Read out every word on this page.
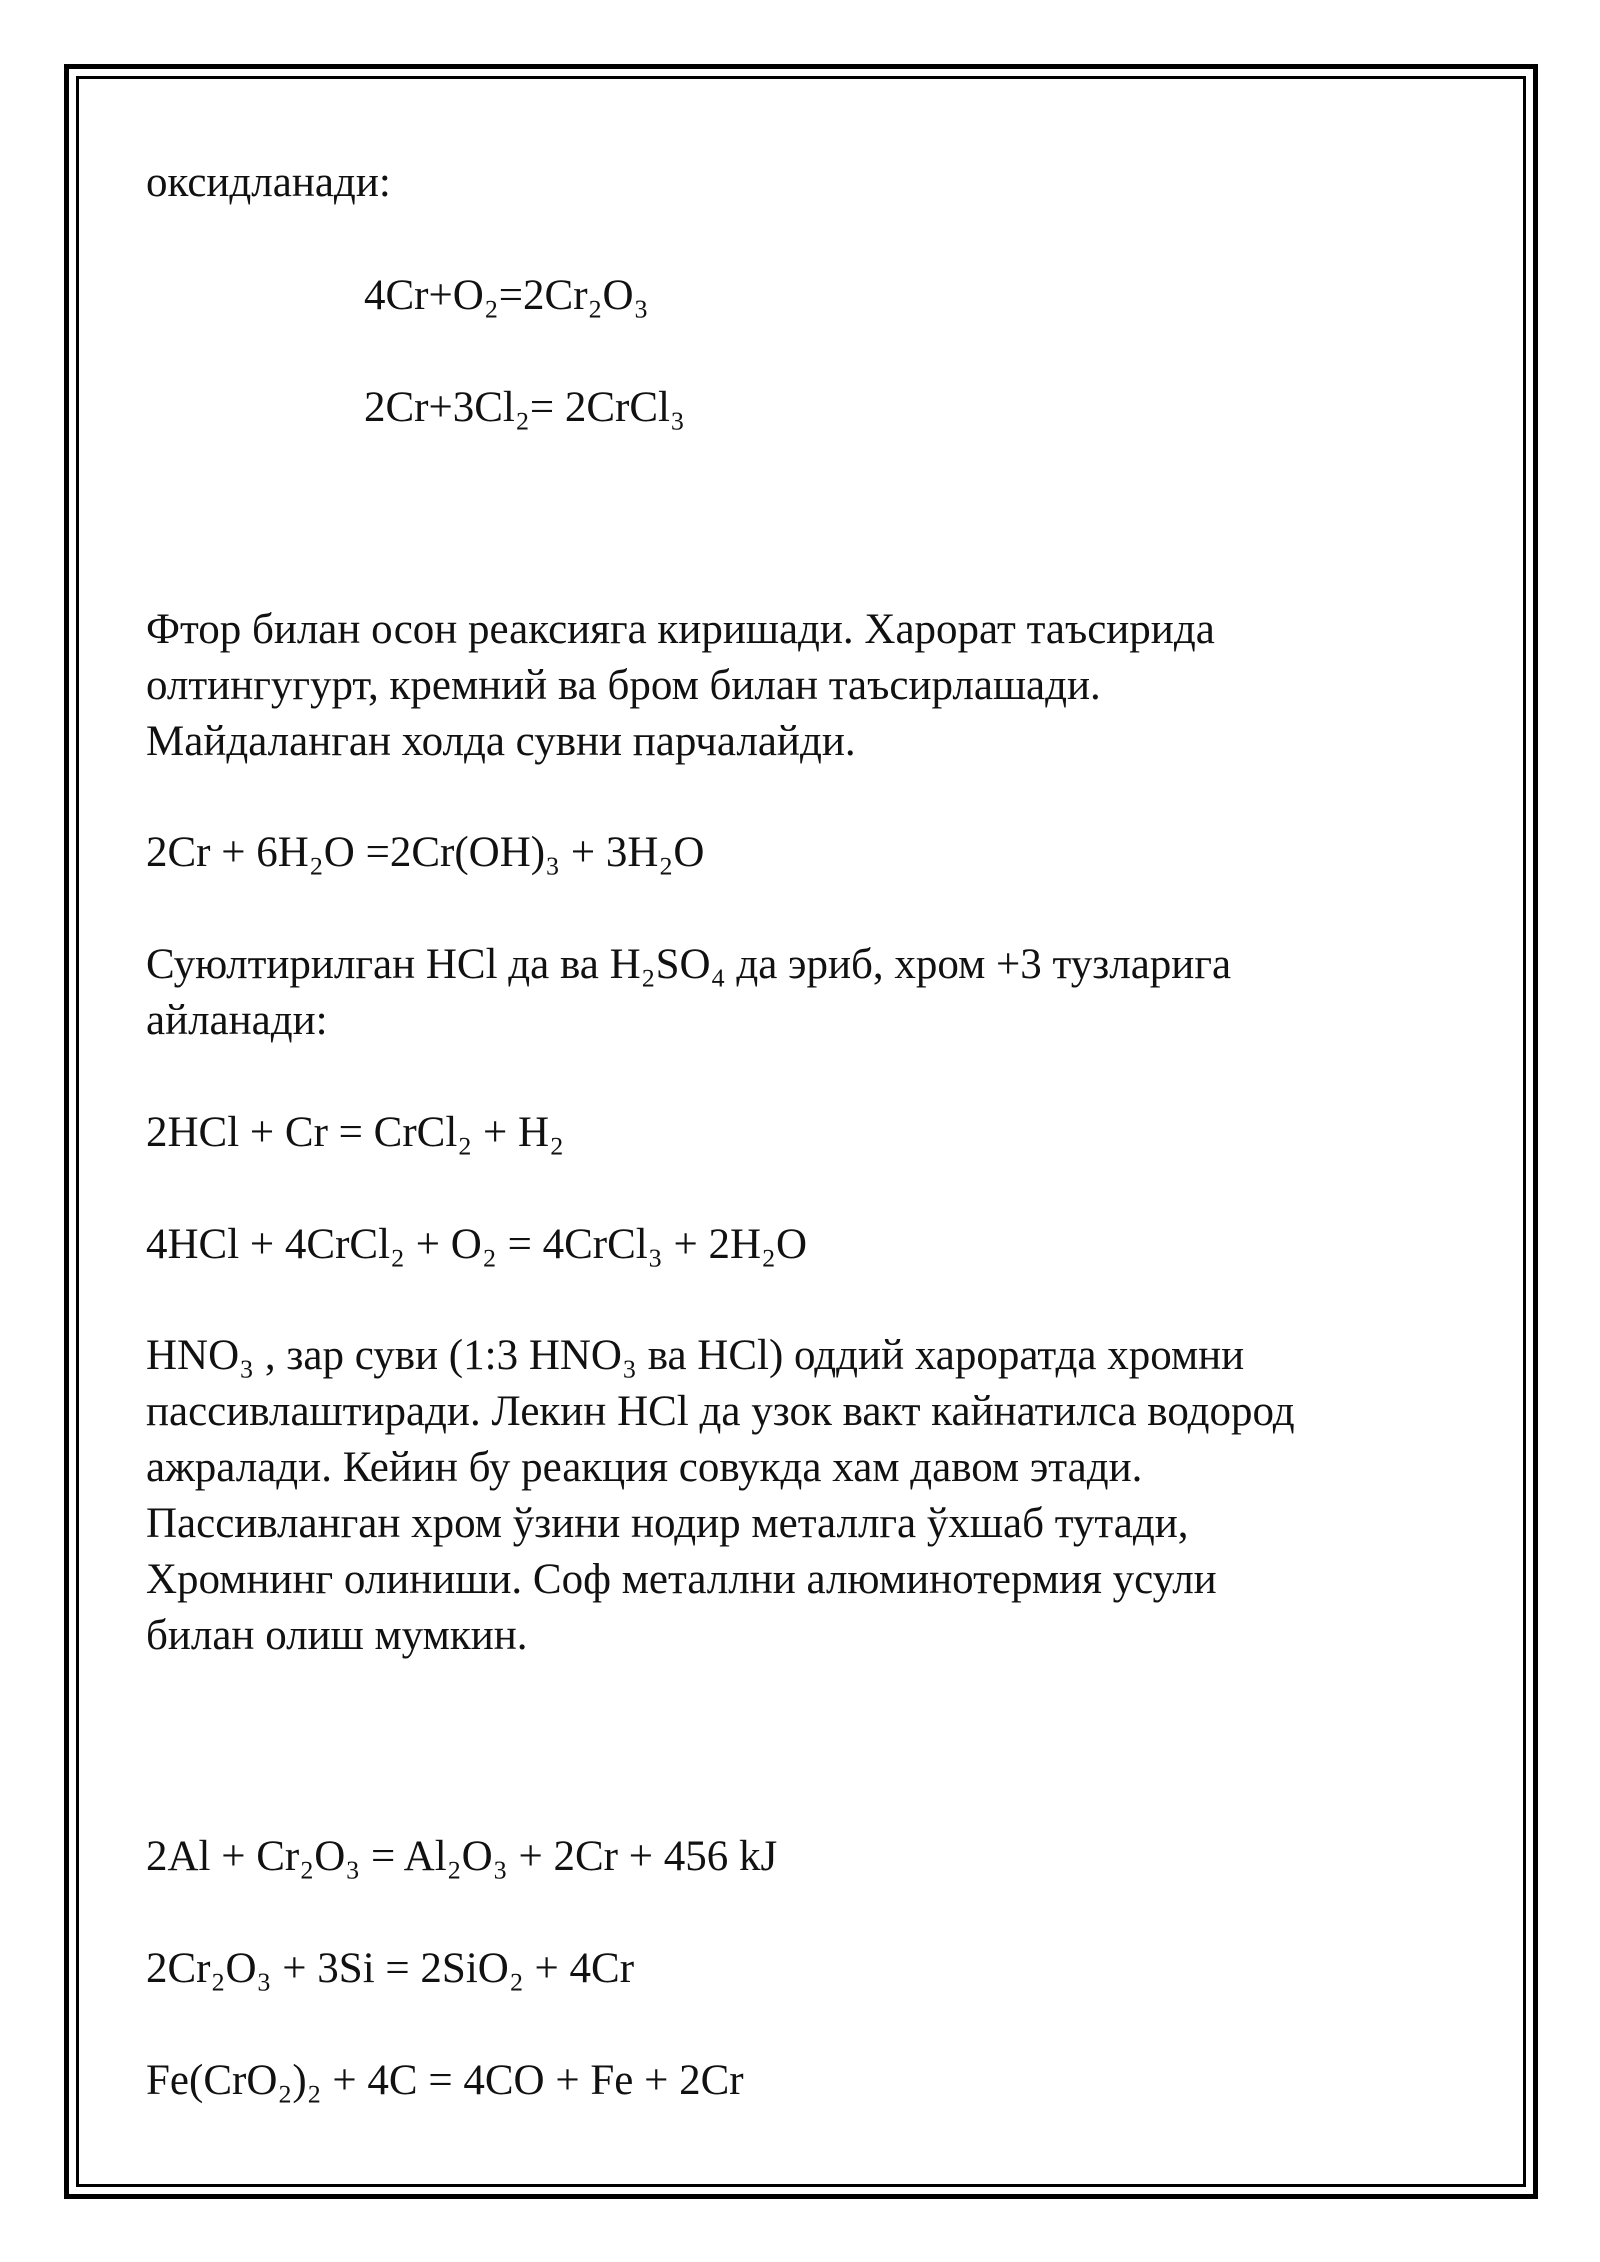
оксидланади:
4Cr+O₂=2Cr₂O₃
2Cr+3Cl₂= 2CrCl₃
Фтор билан осон реаксияга киришади. Харорат таъсирида
олтингугурт, кремний ва бром билан таъсирлашади.
Майдаланган холда сувни парчалайди.
2Cr + 6H₂O =2Cr(OH)₃ + 3H₂O
Суюлтирилган HCl да ва H₂SO₄ да эриб, хром +3 тузларига
айланади:
2HCl + Cr = CrCl₂ + H₂
4HCl + 4CrCl₂ + O₂ = 4CrCl₃ + 2H₂O
HNO₃ , зар суви (1:3 HNO₃ ва HCl) оддий хароратда хромни
пассивлаштиради. Лекин HCl да узок вакт кайнатилса водород
ажралади. Кейин бу реакция совукда хам давом этади.
Пассивланган хром ўзини нодир металлга ўхшаб тутади,
Хромнинг олиниши. Соф металлни алюминотермия усули
билан олиш мумкин.
2Al + Cr₂O₃ = Al₂O₃ + 2Cr + 456 kJ
2Cr₂O₃ + 3Si = 2SiO₂ + 4Cr
Fe(CrO₂)₂ + 4C = 4CO + Fe + 2Cr
